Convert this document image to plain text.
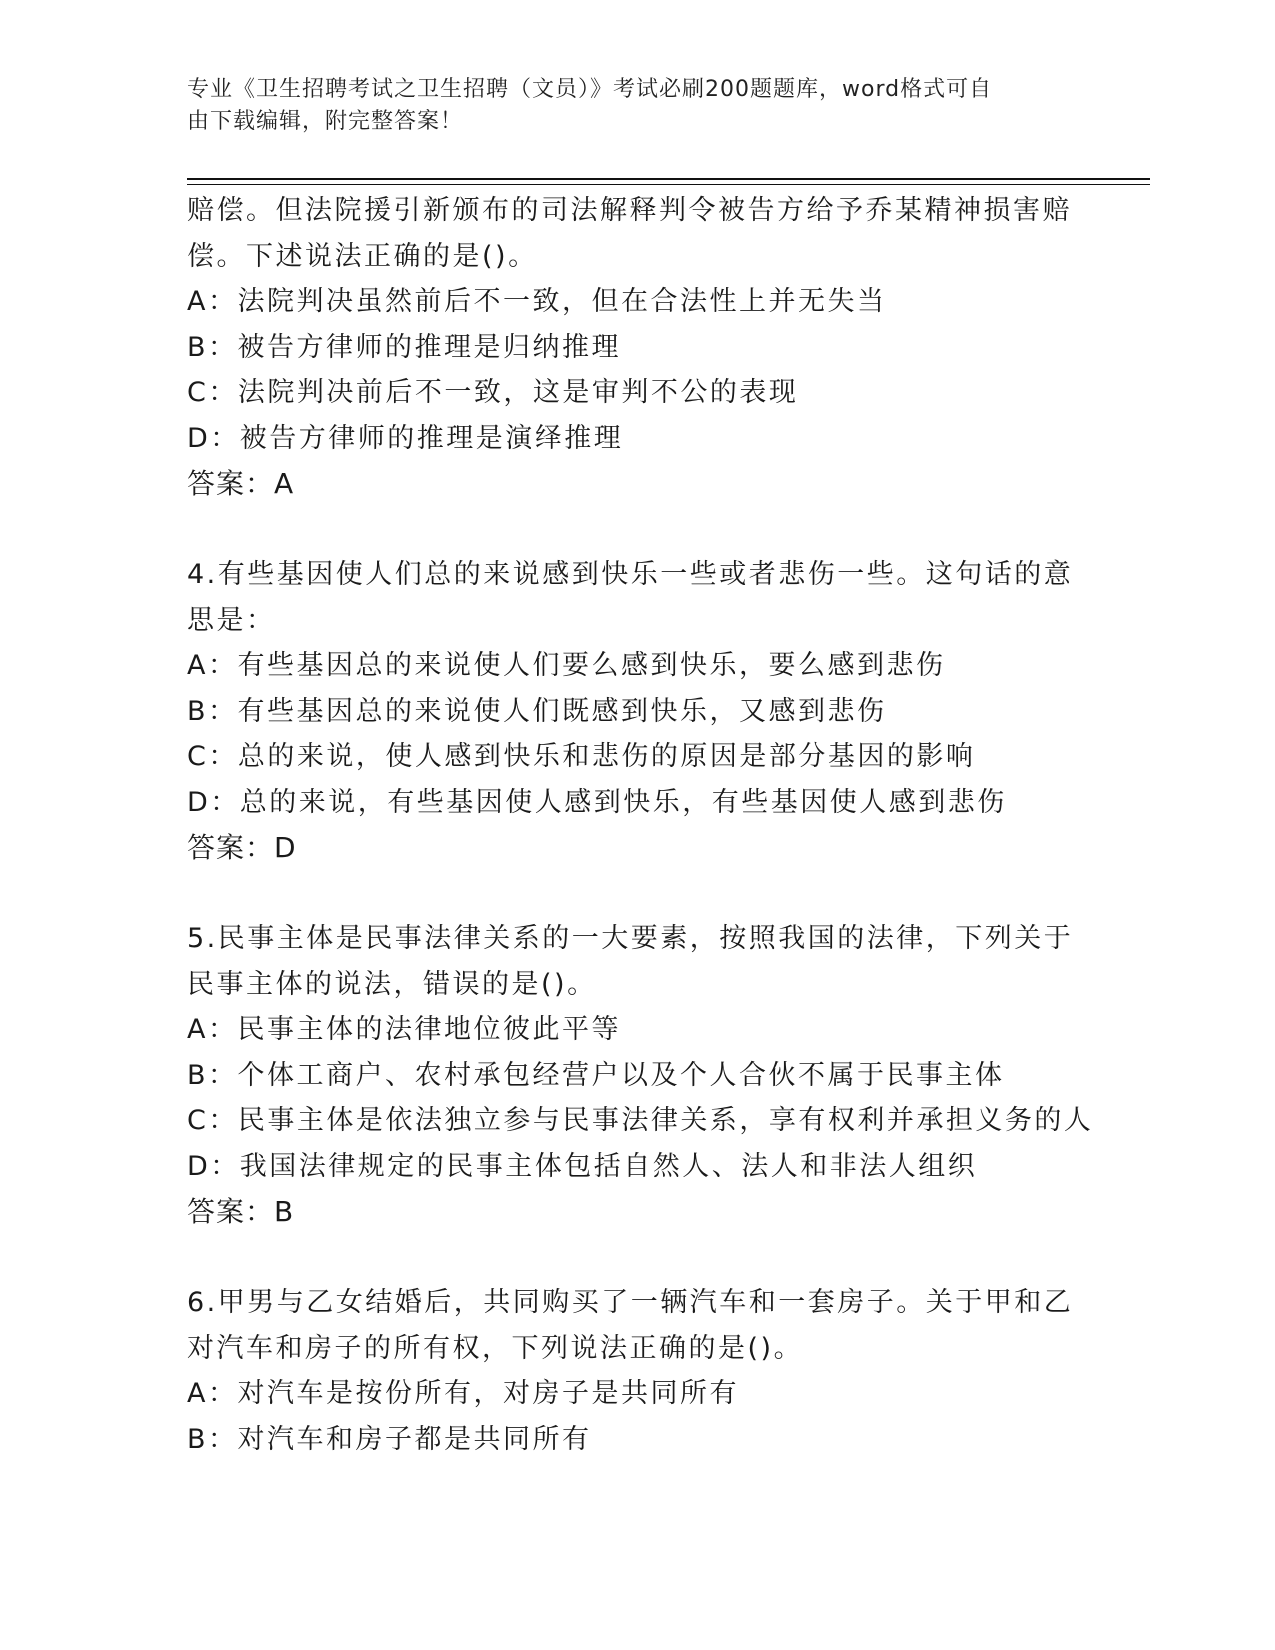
专业《卫生招聘考试之卫生招聘（文员）》考试必刷200题题库，word格式可自
由下载编辑，附完整答案！
赔偿。但法院援引新颁布的司法解释判令被告方给予乔某精神损害赔
偿。下述说法正确的是()。
A：法院判决虽然前后不一致，但在合法性上并无失当
B：被告方律师的推理是归纳推理
C：法院判决前后不一致，这是审判不公的表现
D：被告方律师的推理是演绎推理
答案：A
4.有些基因使人们总的来说感到快乐一些或者悲伤一些。这句话的意
思是：
A：有些基因总的来说使人们要么感到快乐，要么感到悲伤
B：有些基因总的来说使人们既感到快乐，又感到悲伤
C：总的来说，使人感到快乐和悲伤的原因是部分基因的影响
D：总的来说，有些基因使人感到快乐，有些基因使人感到悲伤
答案：D
5.民事主体是民事法律关系的一大要素，按照我国的法律，下列关于
民事主体的说法，错误的是()。
A：民事主体的法律地位彼此平等
B：个体工商户、农村承包经营户以及个人合伙不属于民事主体
C：民事主体是依法独立参与民事法律关系，享有权利并承担义务的人
D：我国法律规定的民事主体包括自然人、法人和非法人组织
答案：B
6.甲男与乙女结婚后，共同购买了一辆汽车和一套房子。关于甲和乙
对汽车和房子的所有权，下列说法正确的是()。
A：对汽车是按份所有，对房子是共同所有
B：对汽车和房子都是共同所有
